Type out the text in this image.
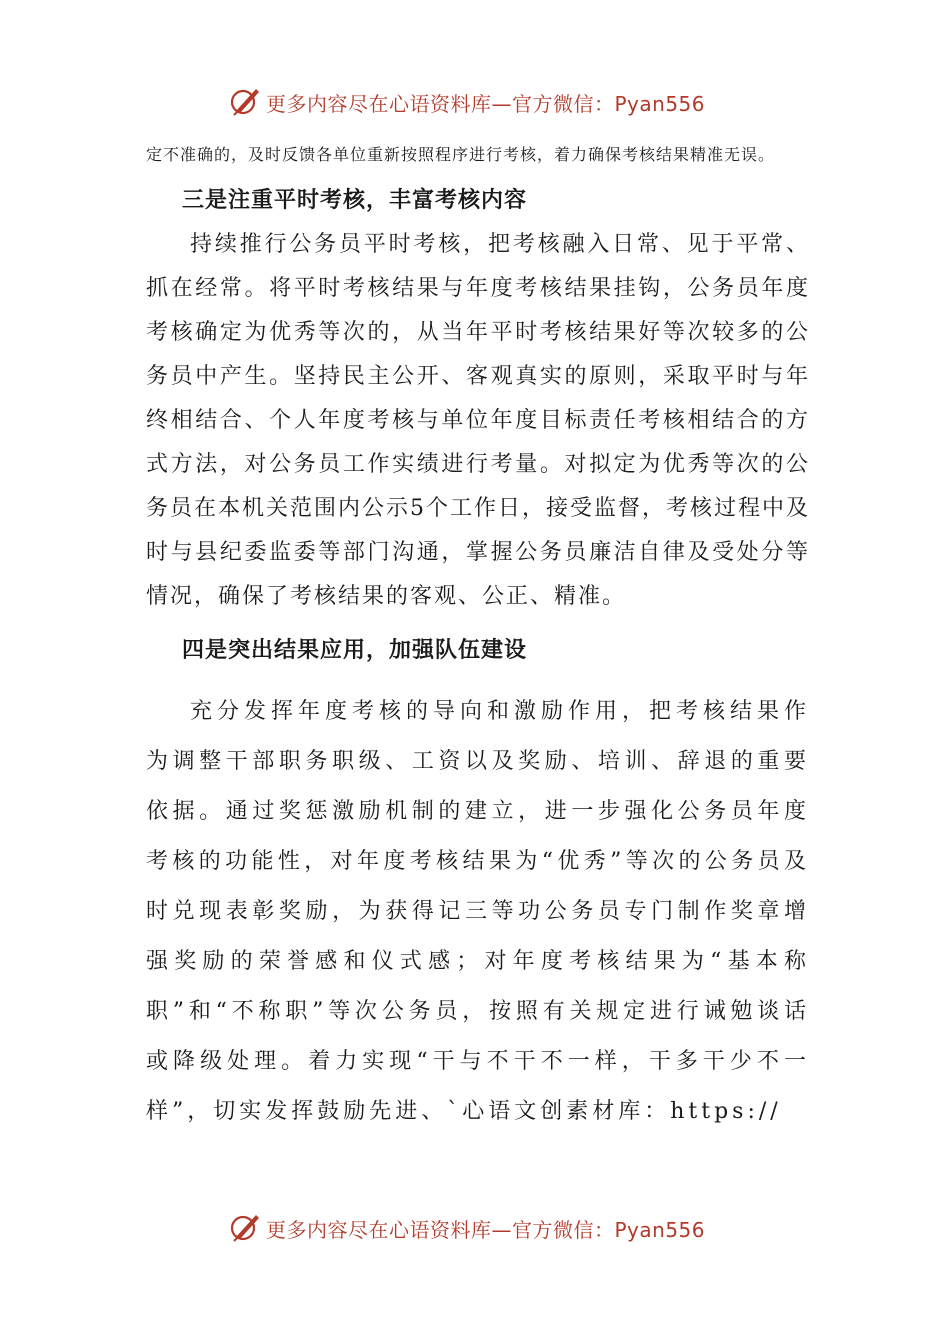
更多内容尽在心语资料库—官方微信：Pyan556

定不准确的，及时反馈各单位重新按照程序进行考核，着力确保考核结果精准无误。

三是注重平时考核，丰富考核内容

持续推行公务员平时考核，把考核融入日常、见于平常、抓在经常。将平时考核结果与年度考核结果挂钩，公务员年度考核确定为优秀等次的，从当年平时考核结果好等次较多的公务员中产生。坚持民主公开、客观真实的原则，采取平时与年终相结合、个人年度考核与单位年度目标责任考核相结合的方式方法，对公务员工作实绩进行考量。对拟定为优秀等次的公务员在本机关范围内公示5个工作日，接受监督，考核过程中及时与县纪委监委等部门沟通，掌握公务员廉洁自律及受处分等情况，确保了考核结果的客观、公正、精准。

四是突出结果应用，加强队伍建设

充分发挥年度考核的导向和激励作用，把考核结果作为调整干部职务职级、工资以及奖励、培训、辞退的重要依据。通过奖惩激励机制的建立，进一步强化公务员年度考核的功能性，对年度考核结果为“优秀”等次的公务员及时兑现表彰奖励，为获得记三等功公务员专门制作奖章增强奖励的荣誉感和仪式感；对年度考核结果为“基本称职”和“不称职”等次公务员，按照有关规定进行诫勉谈话或降级处理。着力实现“干与不干不一样，干多干少不一样”，切实发挥鼓励先进、`心语文创素材库：https://

更多内容尽在心语资料库—官方微信：Pyan556
